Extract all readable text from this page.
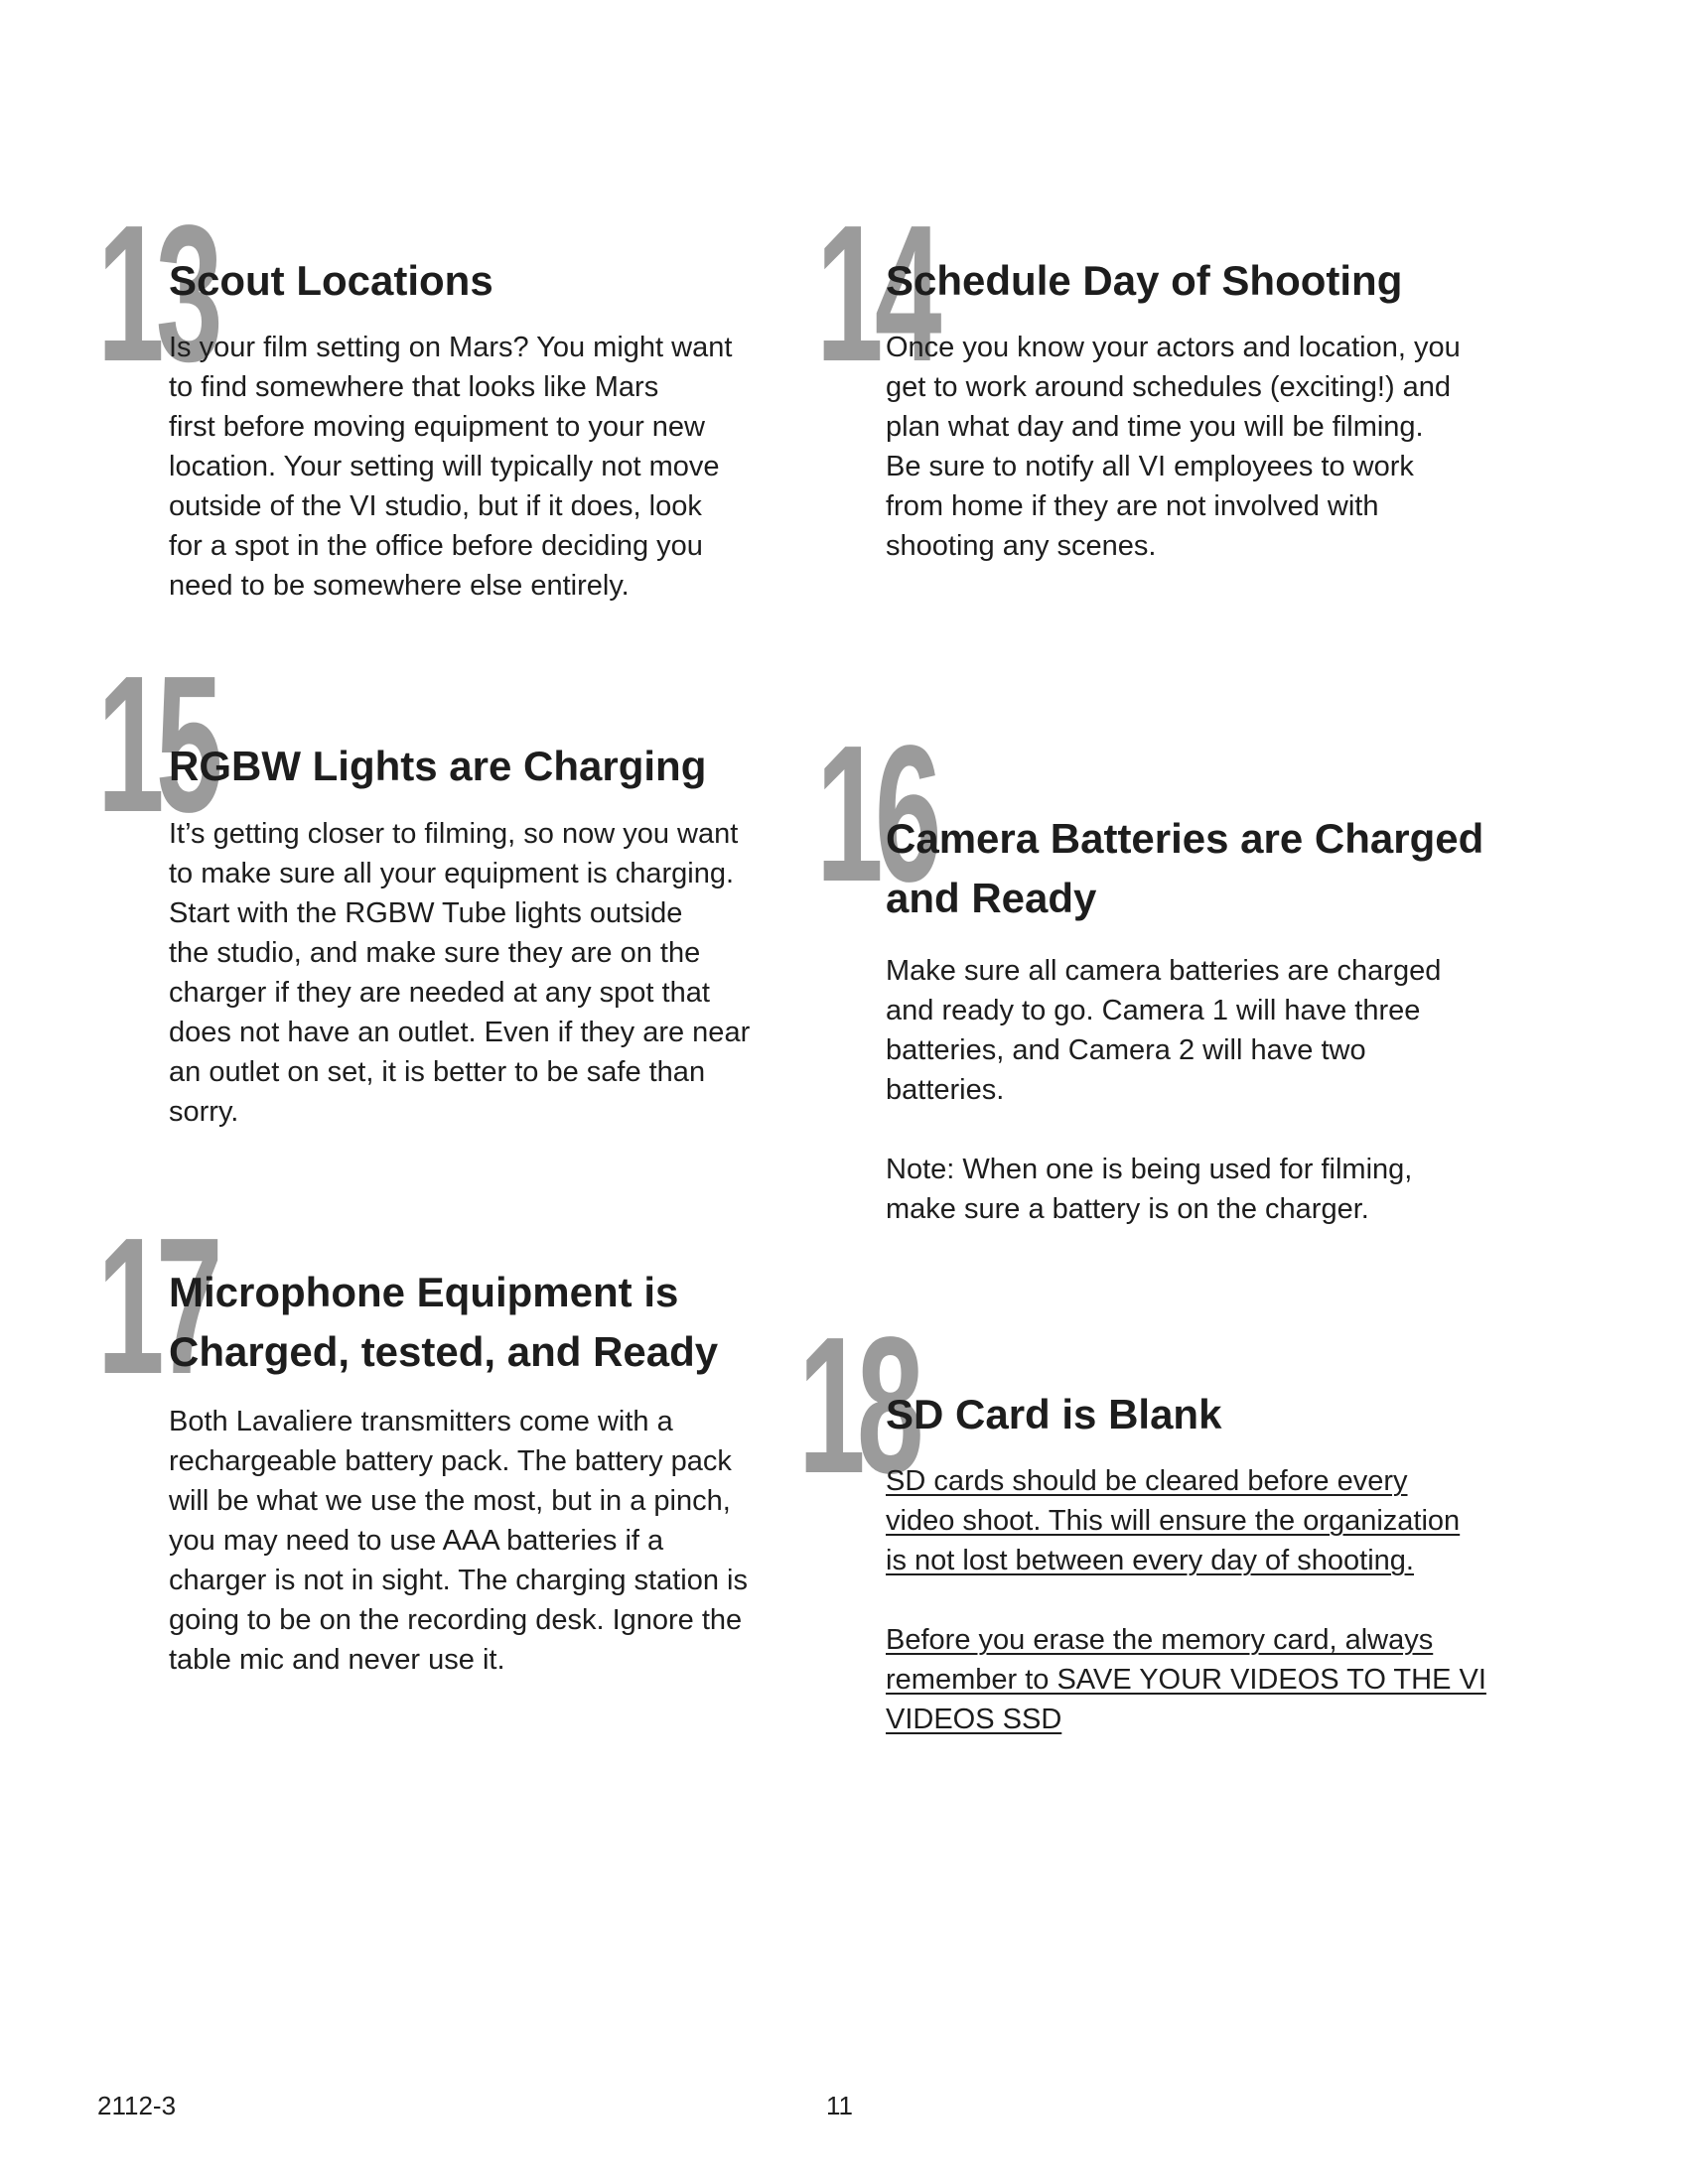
13
Scout Locations

Is your film setting on Mars? You might want
to find somewhere that looks like Mars
first before moving equipment to your new
location. Your setting will typically not move
outside of the VI studio, but if it does, look
for a spot in the office before deciding you
need to be somewhere else entirely.

14
Schedule Day of Shooting

Once you know your actors and location, you
get to work around schedules (exciting!) and
plan what day and time you will be filming.
Be sure to notify all VI employees to work
from home if they are not involved with
shooting any scenes.

15
RGBW Lights are Charging

It’s getting closer to filming, so now you want
to make sure all your equipment is charging.
Start with the RGBW Tube lights outside
the studio, and make sure they are on the
charger if they are needed at any spot that
does not have an outlet. Even if they are near
an outlet on set, it is better to be safe than
sorry.

16
Camera Batteries are Charged and Ready

Make sure all camera batteries are charged
and ready to go. Camera 1 will have three
batteries, and Camera 2 will have two
batteries.

Note: When one is being used for filming,
make sure a battery is on the charger.

17
Microphone Equipment is Charged, tested, and Ready

Both Lavaliere transmitters come with a
rechargeable battery pack. The battery pack
will be what we use the most, but in a pinch,
you may need to use AAA batteries if a
charger is not in sight. The charging station is
going to be on the recording desk. Ignore the
table mic and never use it.

18
SD Card is Blank

SD cards should be cleared before every
video shoot. This will ensure the organization
is not lost between every day of shooting.

Before you erase the memory card, always
remember to SAVE YOUR VIDEOS TO THE VI
VIDEOS SSD

2112-3	11
